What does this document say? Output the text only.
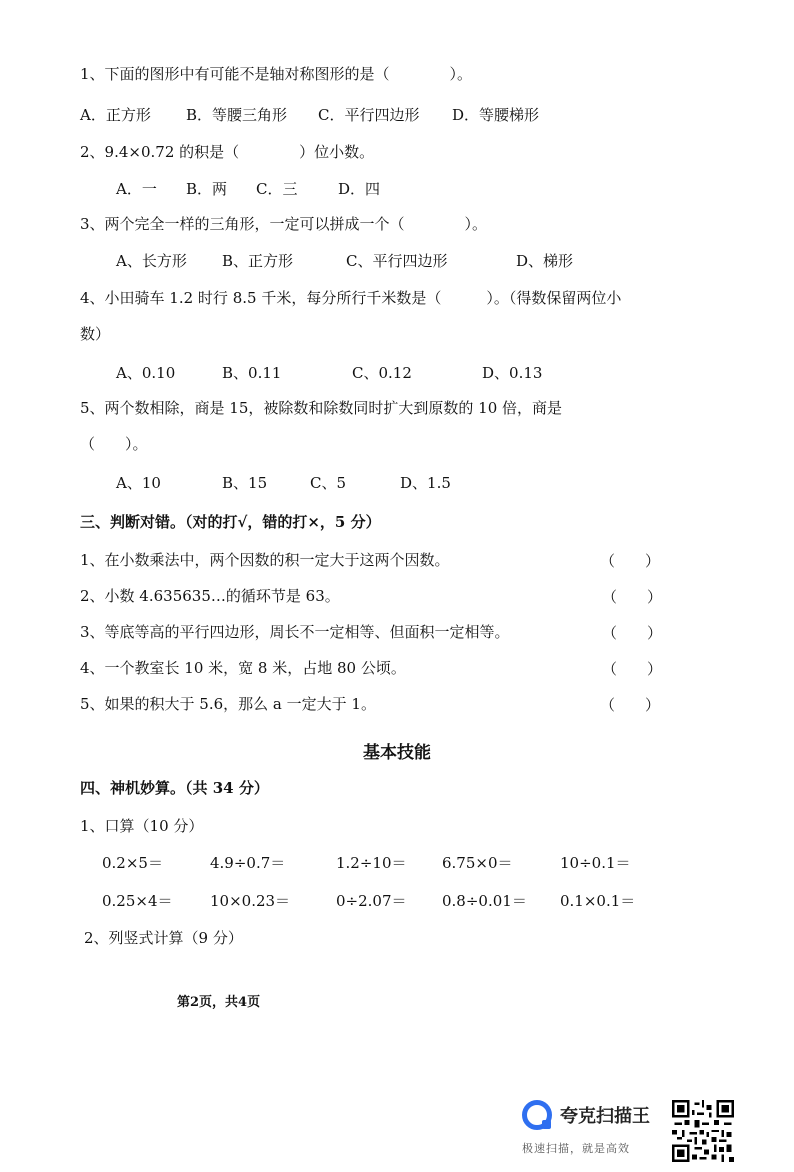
1、下面的图形中有可能不是轴对称图形的是（　　　　）。
A．正方形 B．等腰三角形 C．平行四边形 D．等腰梯形
2、9.4×0.72 的积是（　　　　）位小数。
A．一 B．两 C．三	D．四
3、两个完全一样的三角形，一定可以拼成一个（　　　　）。
A、长方形 B、正方形	C、平行四边形	D、梯形
4、小田骑车 1.2 时行 8.5 千米，每分所行千米数是（　　　）。（得数保留两位小
数）
A、0.10	B、0.11	C、0.12	D、0.13
5、两个数相除，商是 15，被除数和除数同时扩大到原数的 10 倍，商是
（　　）。
A、10	B、15	C、5	D、1.5
三、判断对错。（对的打√，错的打×，5 分）
1、在小数乘法中，两个因数的积一定大于这两个因数。	（　　）
2、小数 4.635635…的循环节是 63。	（　　）
3、等底等高的平行四边形，周长不一定相等、但面积一定相等。	（　　）
4、一个教室长 10 米，宽 8 米，占地 80 公顷。	（　　）
5、如果的积大于 5.6，那么 a 一定大于 1。	（　　）
基本技能
四、神机妙算。（共 34 分）
1、口算（10 分）
0.2×5＝	4.9÷0.7＝	1.2÷10＝ 6.75×0＝	10÷0.1＝
0.25×4＝ 10×0.23＝	0÷2.07＝ 0.8÷0.01＝ 0.1×0.1＝
2、列竖式计算（9 分）
第2页，共4页
夸克扫描王
极速扫描，就是高效
